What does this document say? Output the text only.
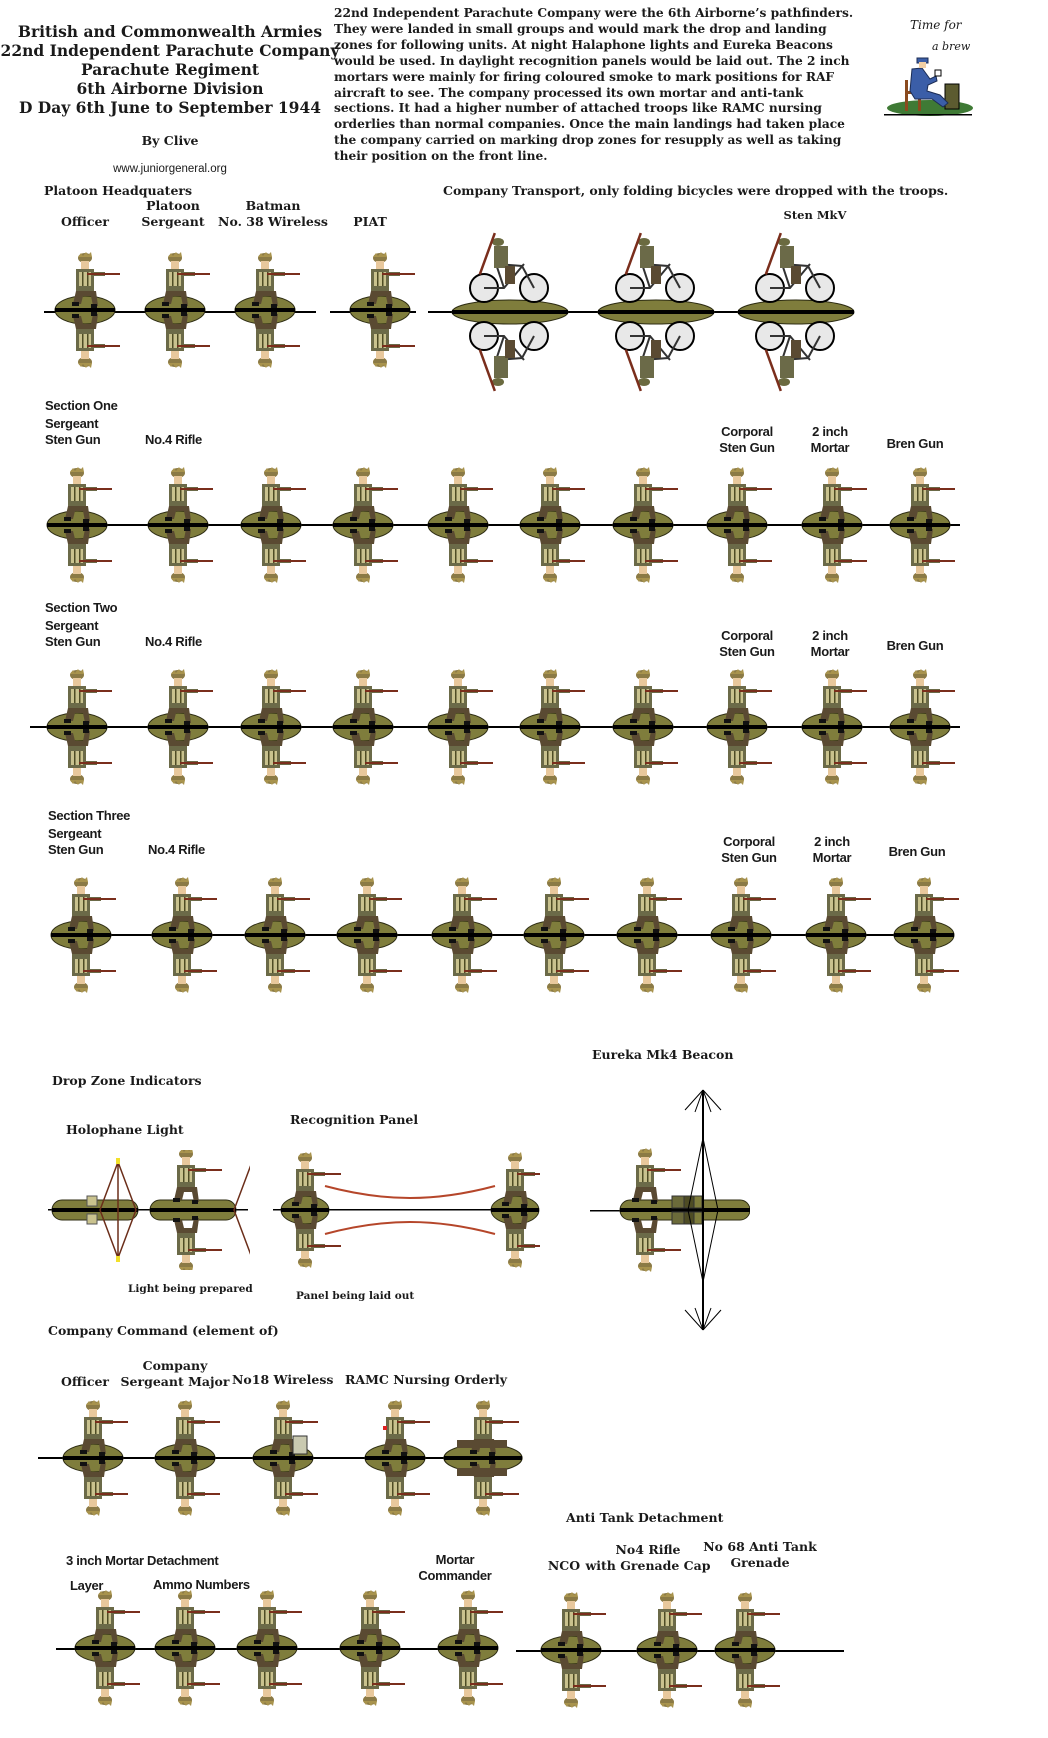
British and Commonwealth Armies
22nd Independent Parachute Company
Parachute Regiment
6th Airborne Division
D Day 6th June to September 1944
By Clive
www.juniorgeneral.org
22nd Independent Parachute Company were the 6th Airborne’s pathfinders. They were landed in small groups and would mark the drop and landing zones for following units. At night Halaphone lights and Eureka Beacons would be used. In daylight recognition panels would be laid out. The 2 inch mortars were mainly for firing coloured smoke to mark positions for RAF aircraft to see. The company processed its own mortar and anti-tank sections. It had a higher number of attached troops like RAMC nursing orderlies than normal companies. Once the main landings had taken place the company carried on marking drop zones for resupply as well as taking their position on the front line.
Time for
a brew
Platoon Headquaters
Officer
Platoon
Sergeant
Batman
No. 38 Wireless	PIAT
Company Transport, only folding bicycles were dropped with the troops.
Sten MkV
Section One
Sergeant
Sten Gun	No.4 Rifle
Corporal
Sten Gun
2 inch
Mortar	Bren Gun
Section Two
Sergeant
Sten Gun	No.4 Rifle	Corporal
Sten Gun
2 inch
Mortar	Bren Gun
Section Three
Sergeant
Sten Gun	No.4 Rifle
Corporal
Sten Gun
2 inch
Mortar	Bren Gun
Drop Zone Indicators
Holophane Light
Recognition Panel
Eureka Mk4 Beacon
Light being prepared
Panel being laid out
Company Command (element of)
Officer
Company
Sergeant Major No18 Wireless RAMC Nursing Orderly
3 inch Mortar Detachment
Layer	Ammo Numbers
Mortar
Commander
Anti Tank Detachment
NCO
No4 Rifle
with Grenade Cap
No 68 Anti Tank
Grenade
